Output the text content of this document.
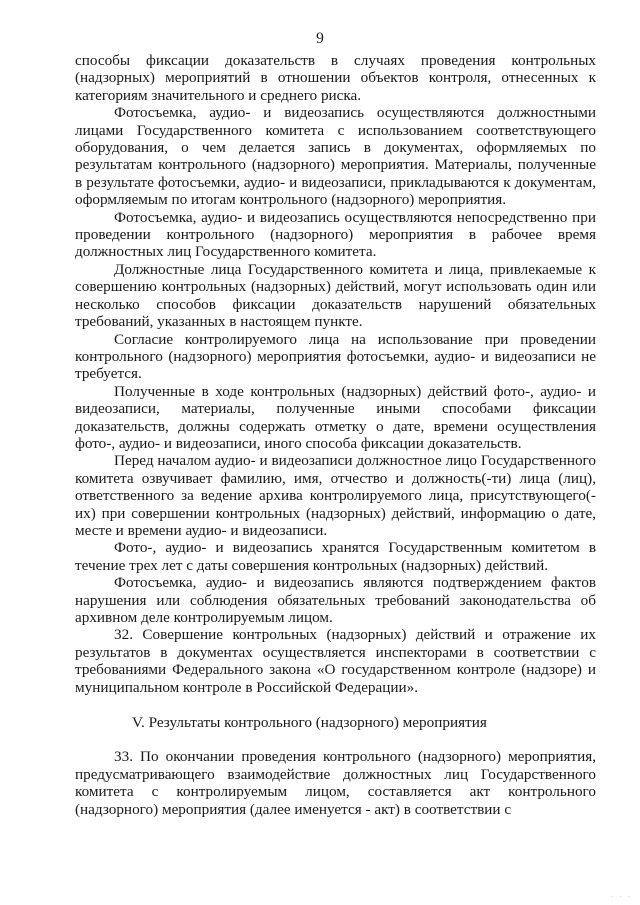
9

способы фиксации доказательств в случаях проведения контрольных (надзорных) мероприятий в отношении объектов контроля, отнесенных к категориям значительного и среднего риска.

Фотосъемка, аудио- и видеозапись осуществляются должностными лицами Государственного комитета с использованием соответствующего оборудования, о чем делается запись в документах, оформляемых по результатам контрольного (надзорного) мероприятия. Материалы, полученные в результате фотосъемки, аудио- и видеозаписи, прикладываются к документам, оформляемым по итогам контрольного (надзорного) мероприятия.

Фотосъемка, аудио- и видеозапись осуществляются непосредственно при проведении контрольного (надзорного) мероприятия в рабочее время должностных лиц Государственного комитета.

Должностные лица Государственного комитета и лица, привлекаемые к совершению контрольных (надзорных) действий, могут использовать один или несколько способов фиксации доказательств нарушений обязательных требований, указанных в настоящем пункте.

Согласие контролируемого лица на использование при проведении контрольного (надзорного) мероприятия фотосъемки, аудио- и видеозаписи не требуется.

Полученные в ходе контрольных (надзорных) действий фото-, аудио- и видеозаписи, материалы, полученные иными способами фиксации доказательств, должны содержать отметку о дате, времени осуществления фото-, аудио- и видеозаписи, иного способа фиксации доказательств.

Перед началом аудио- и видеозаписи должностное лицо Государственного комитета озвучивает фамилию, имя, отчество и должность(-ти) лица (лиц), ответственного за ведение архива контролируемого лица, присутствующего(-их) при совершении контрольных (надзорных) действий, информацию о дате, месте и времени аудио- и видеозаписи.

Фото-, аудио- и видеозапись хранятся Государственным комитетом в течение трех лет с даты совершения контрольных (надзорных) действий.

Фотосъемка, аудио- и видеозапись являются подтверждением фактов нарушения или соблюдения обязательных требований законодательства об архивном деле контролируемым лицом.

32. Совершение контрольных (надзорных) действий и отражение их результатов в документах осуществляется инспекторами в соответствии с требованиями Федерального закона «О государственном контроле (надзоре) и муниципальном контроле в Российской Федерации».

V. Результаты контрольного (надзорного) мероприятия

33. По окончании проведения контрольного (надзорного) мероприятия, предусматривающего взаимодействие должностных лиц Государственного комитета с контролируемым лицом, составляется акт контрольного (надзорного) мероприятия (далее именуется - акт) в соответствии с

· · ·
